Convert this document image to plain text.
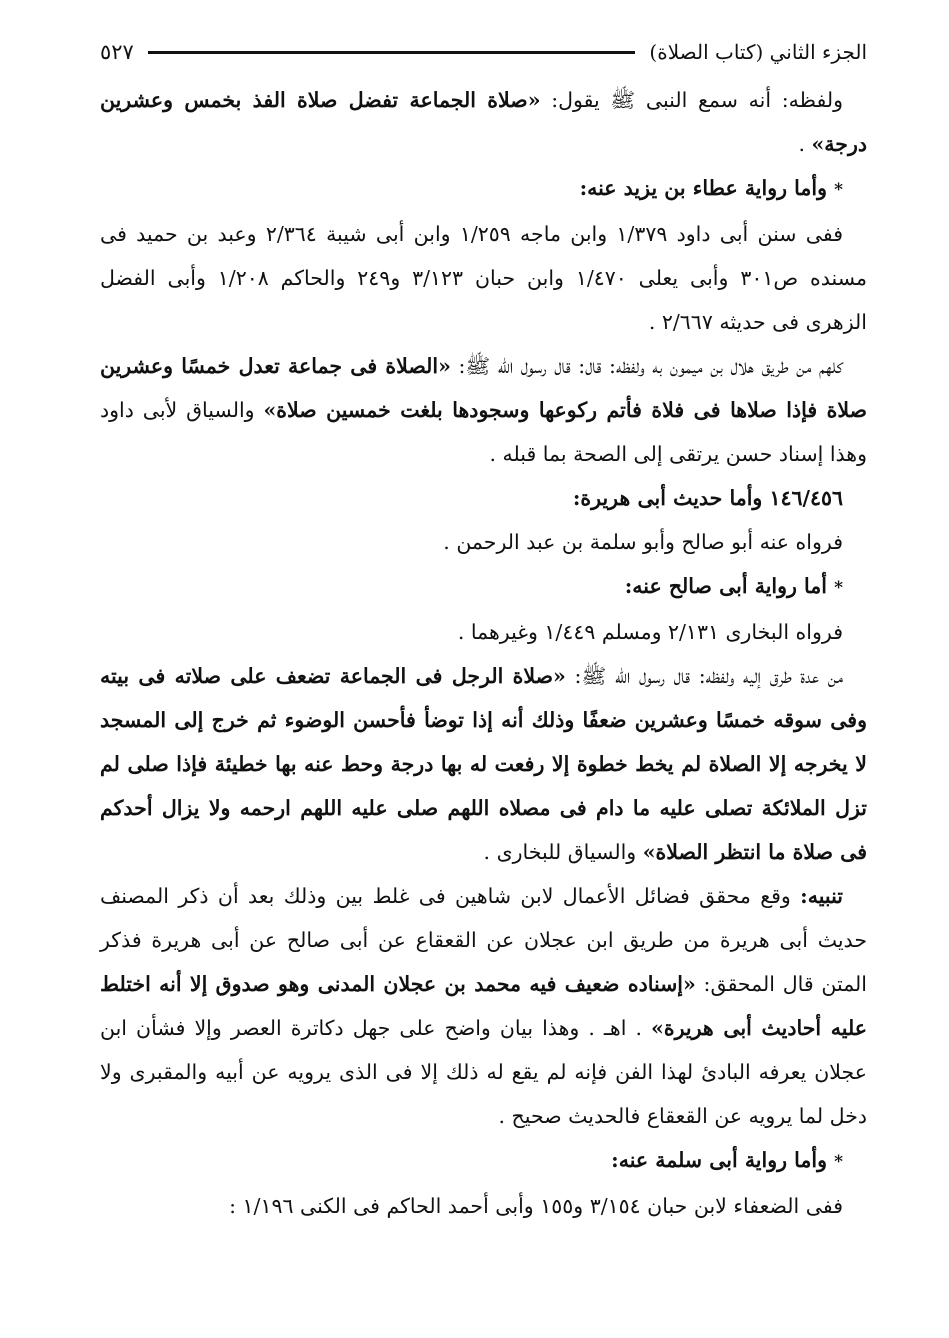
الجزء الثاني (كتاب الصلاة)
٥٢٧

ولفظه: أنه سمع النبى ﷺ يقول: «صلاة الجماعة تفضل صلاة الفذ بخمس وعشرين درجة» .

* وأما رواية عطاء بن يزيد عنه:

ففى سنن أبى داود ١/٣٧٩ وابن ماجه ١/٢٥٩ وابن أبى شيبة ٢/٣٦٤ وعبد بن حميد فى مسنده ص٣٠١ وأبى يعلى ١/٤٧٠ وابن حبان ٣/١٢٣ و٢٤٩ والحاكم ١/٢٠٨ وأبى الفضل الزهرى فى حديثه ٢/٦٦٧ .

كلهم من طريق هلال بن ميمون به ولفظه: قال: قال رسول الله ﷺ: «الصلاة فى جماعة تعدل خمسًا وعشرين صلاة فإذا صلاها فى فلاة فأتم ركوعها وسجودها بلغت خمسين صلاة» والسياق لأبى داود وهذا إسناد حسن يرتقى إلى الصحة بما قبله .

١٤٦/٤٥٦ وأما حديث أبى هريرة:

فرواه عنه أبو صالح وأبو سلمة بن عبد الرحمن .

* أما رواية أبى صالح عنه:

فرواه البخارى ٢/١٣١ ومسلم ١/٤٤٩ وغيرهما .

من عدة طرق إليه ولفظه: قال رسول الله ﷺ: «صلاة الرجل فى الجماعة تضعف على صلاته فى بيته وفى سوقه خمسًا وعشرين ضعفًا وذلك أنه إذا توضأ فأحسن الوضوء ثم خرج إلى المسجد لا يخرجه إلا الصلاة لم يخط خطوة إلا رفعت له بها درجة وحط عنه بها خطيئة فإذا صلى لم تزل الملائكة تصلى عليه ما دام فى مصلاه اللهم صلى عليه اللهم ارحمه ولا يزال أحدكم فى صلاة ما انتظر الصلاة» والسياق للبخارى .

تنبيه: وقع محقق فضائل الأعمال لابن شاهين فى غلط بين وذلك بعد أن ذكر المصنف حديث أبى هريرة من طريق ابن عجلان عن القعقاع عن أبى صالح عن أبى هريرة فذكر المتن قال المحقق: «إسناده ضعيف فيه محمد بن عجلان المدنى وهو صدوق إلا أنه اختلط عليه أحاديث أبى هريرة» . اهـ . وهذا بيان واضح على جهل دكاترة العصر وإلا فشأن ابن عجلان يعرفه البادئ لهذا الفن فإنه لم يقع له ذلك إلا فى الذى يرويه عن أبيه والمقبرى ولا دخل لما يرويه عن القعقاع فالحديث صحيح .

* وأما رواية أبى سلمة عنه:

ففى الضعفاء لابن حبان ٣/١٥٤ و١٥٥ وأبى أحمد الحاكم فى الكنى ١/١٩٦ :
